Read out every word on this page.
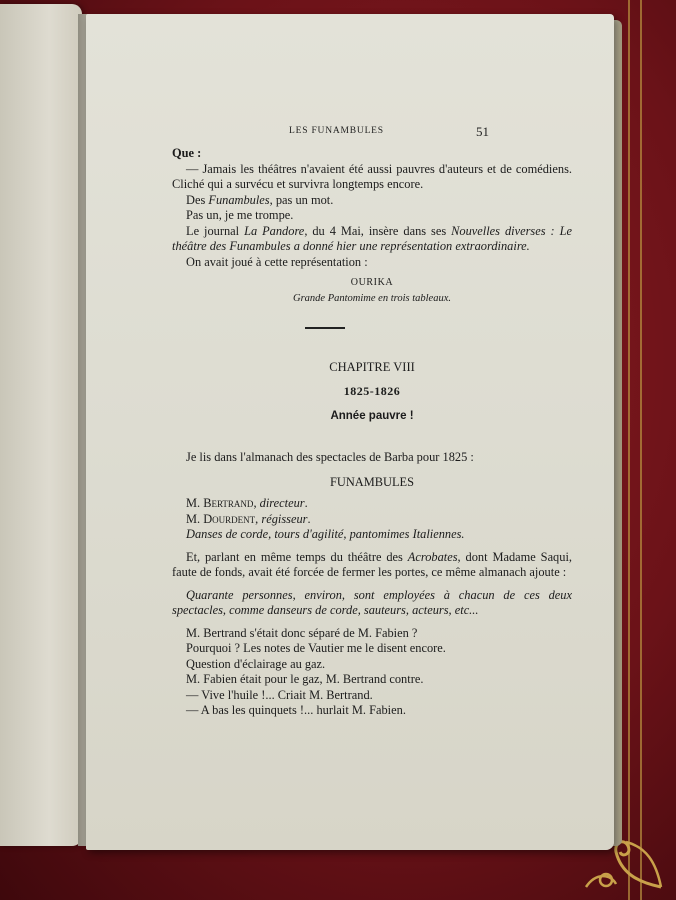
LES FUNAMBULES	51

Que :

— Jamais les théâtres n'avaient été aussi pauvres d'auteurs et de comédiens. Cliché qui a survécu et survivra longtemps encore.

Des Funambules, pas un mot.

Pas un, je me trompe.

Le journal La Pandore, du 4 Mai, insère dans ses Nouvelles diverses : Le théâtre des Funambules a donné hier une représentation extraordinaire.

On avait joué à cette représentation :

OURIKA

Grande Pantomime en trois tableaux.

CHAPITRE VIII

1825-1826

Année pauvre !

Je lis dans l'almanach des spectacles de Barba pour 1825 :

FUNAMBULES

M. Bertrand, directeur.

M. Dourdent, régisseur.

Danses de corde, tours d'agilité, pantomimes Italiennes.

Et, parlant en même temps du théâtre des Acrobates, dont Madame Saqui, faute de fonds, avait été forcée de fermer les portes, ce même almanach ajoute :

Quarante personnes, environ, sont employées à chacun de ces deux spectacles, comme danseurs de corde, sauteurs, acteurs, etc...

M. Bertrand s'était donc séparé de M. Fabien ?

Pourquoi ? Les notes de Vautier me le disent encore.

Question d'éclairage au gaz.

M. Fabien était pour le gaz, M. Bertrand contre.

— Vive l'huile !... Criait M. Bertrand.

— A bas les quinquets !... hurlait M. Fabien.
